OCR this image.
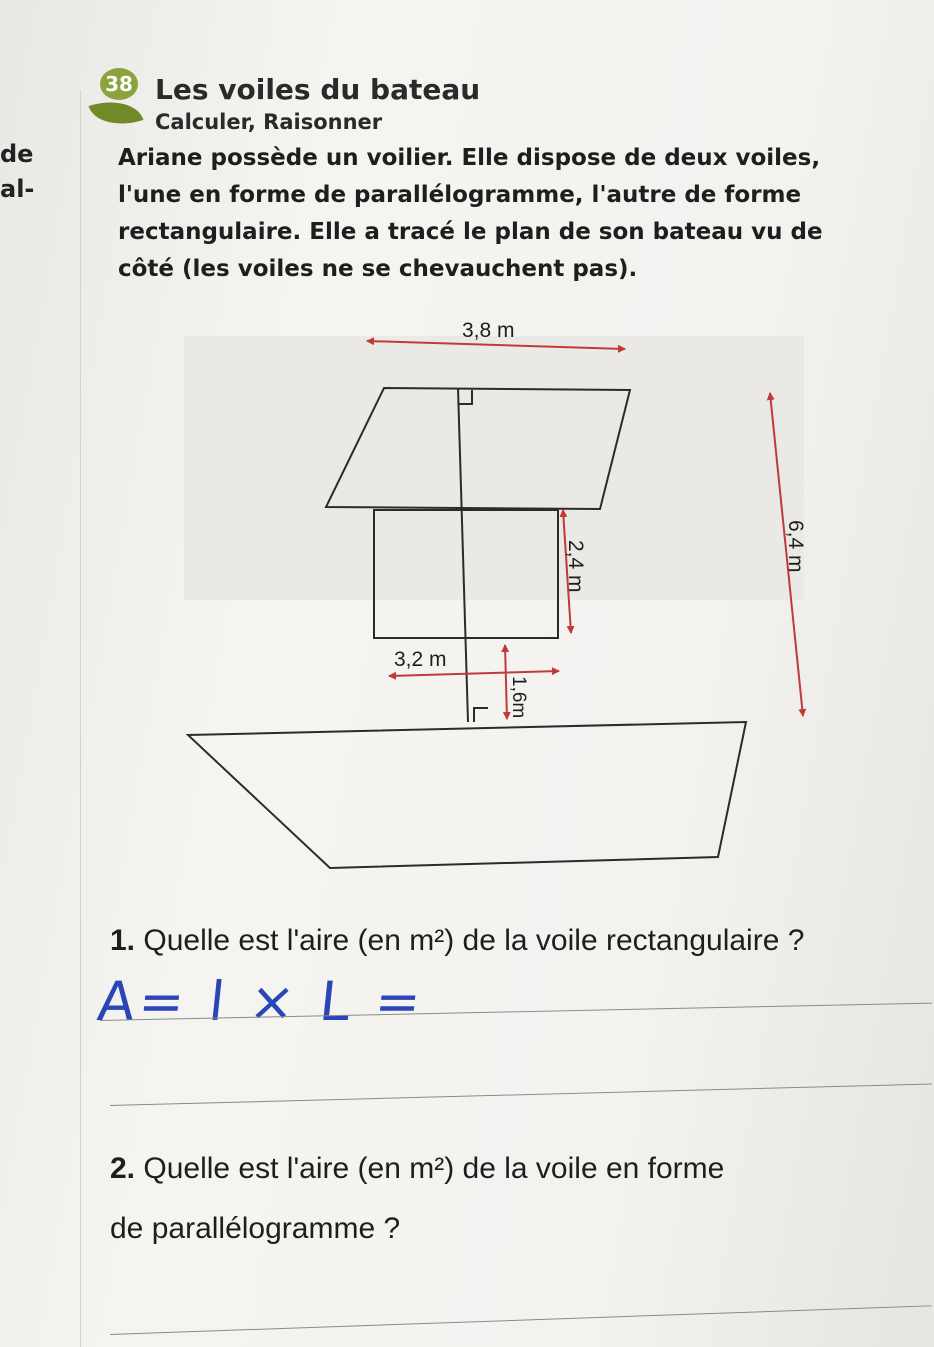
de
al-
38 Les voiles du bateau
Calculer, Raisonner

Ariane possède un voilier. Elle dispose de deux voiles, l'une en forme de parallélogramme, l'autre de forme rectangulaire. Elle a tracé le plan de son bateau vu de côté (les voiles ne se chevauchent pas).

3,8 m
2,4 m
3,2 m
1,6m
6,4 m

1. Quelle est l'aire (en m²) de la voile rectangulaire ?

A= l × L =

2. Quelle est l'aire (en m²) de la voile en forme

de parallélogramme ?
